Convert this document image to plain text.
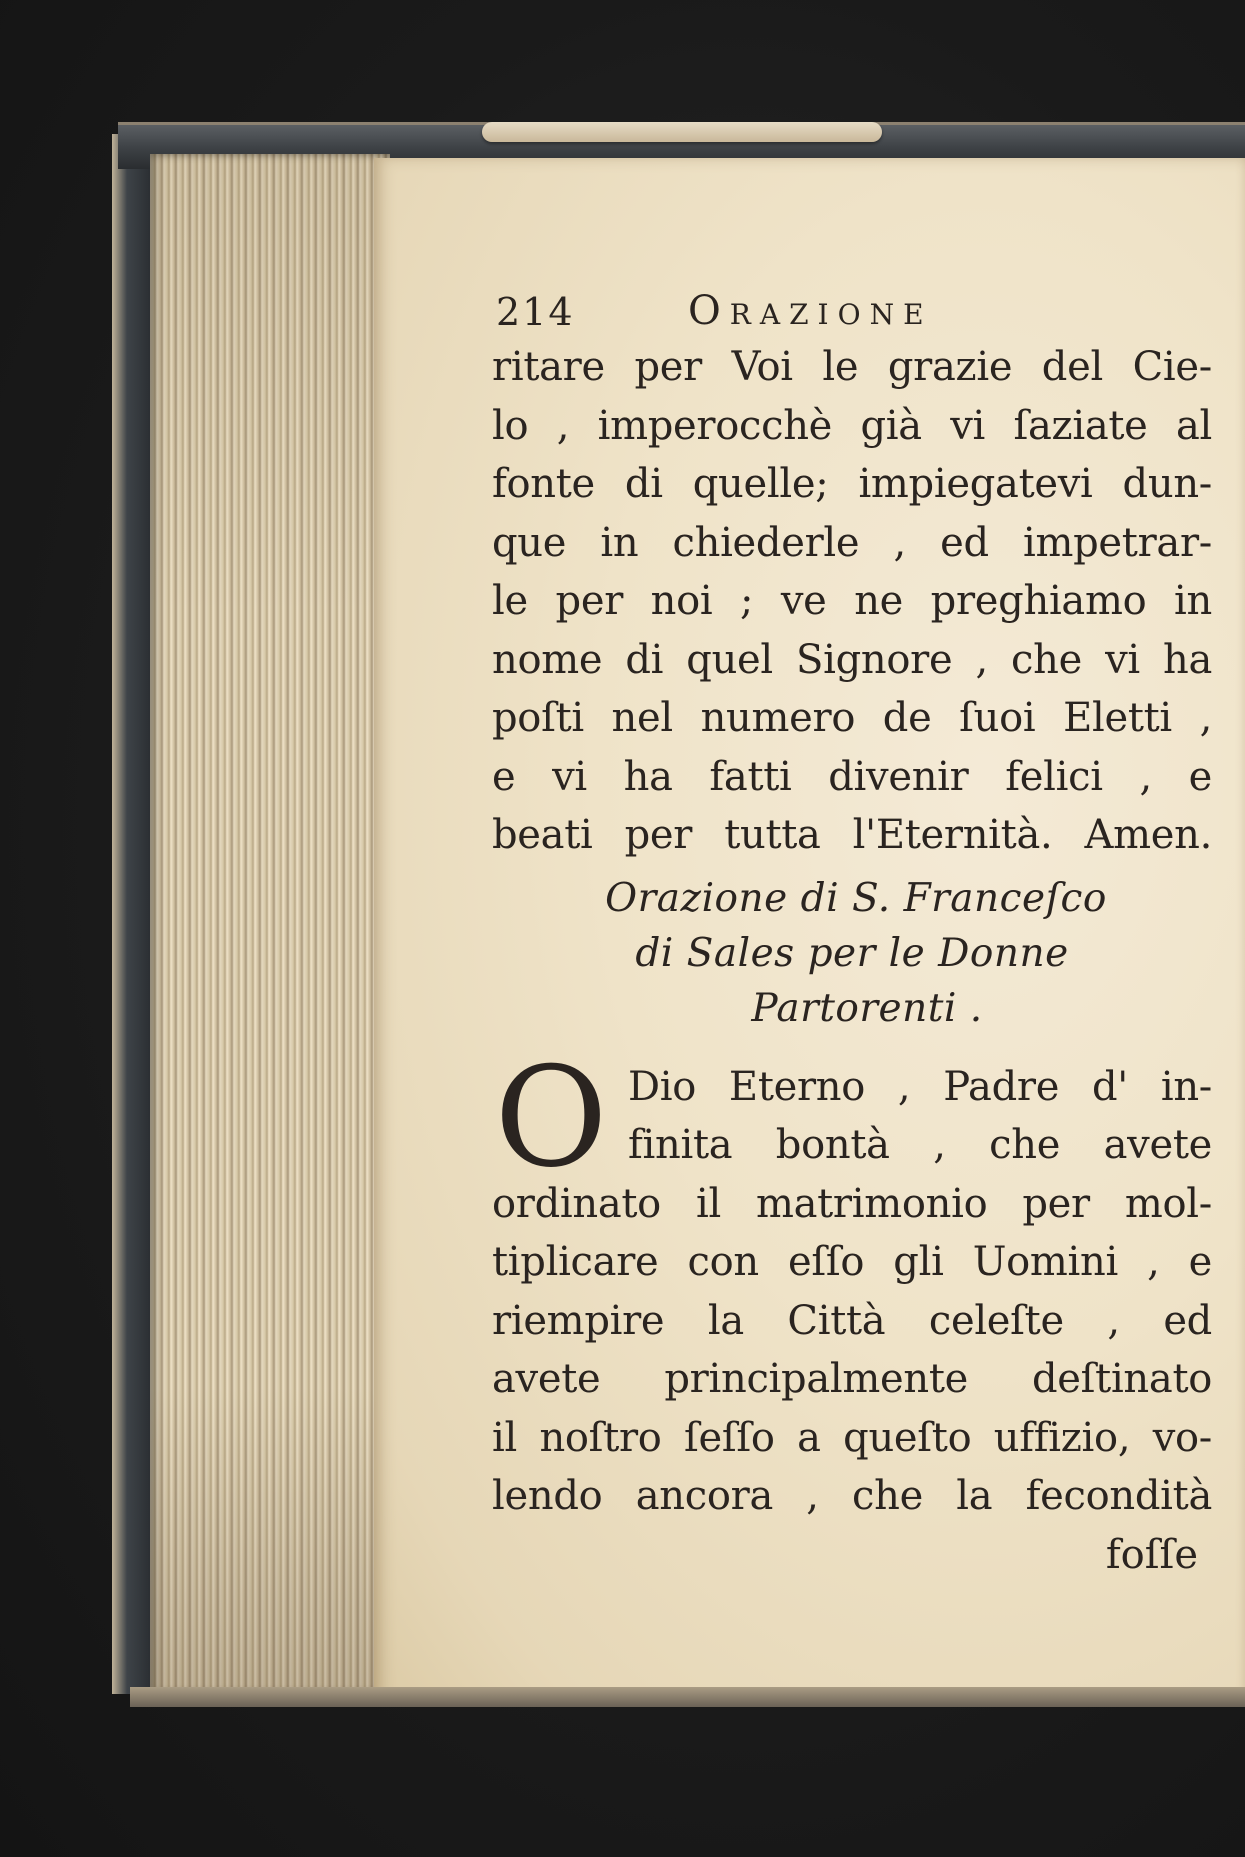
214	Orazione
ritare per Voi le grazie del Cie-
lo , imperocchè già vi ſaziate al
fonte di quelle; impiegatevi dun-
que in chiederle , ed impetrar-
le per noi ; ve ne preghiamo in
nome di quel Signore , che vi ha
poſti nel numero de ſuoi Eletti ,
e vi ha fatti divenir felici , e
beati per tutta l'Eternità. Amen.
Orazione di S. Franceſco
di Sales per le Donne
Partorenti .
O Dio Eterno , Padre d' in-
finita bontà , che avete
ordinato il matrimonio per mol-
tiplicare con eſſo gli Uomini , e
riempire la Città celeſte , ed
avete principalmente deſtinato
il noſtro ſeſſo a queſto uffizio, vo-
lendo ancora , che la fecondità
foſſe
